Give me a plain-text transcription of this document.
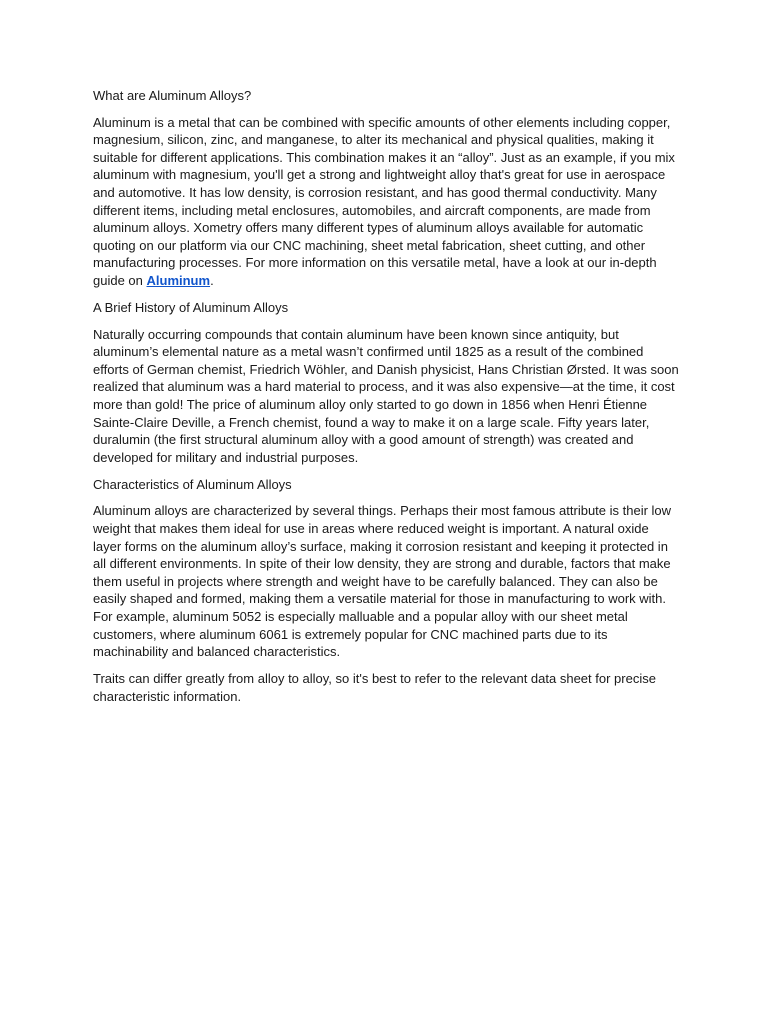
What are Aluminum Alloys?

Aluminum is a metal that can be combined with specific amounts of other elements including copper, magnesium, silicon, zinc, and manganese, to alter its mechanical and physical qualities, making it suitable for different applications. This combination makes it an “alloy”. Just as an example, if you mix aluminum with magnesium, you'll get a strong and lightweight alloy that's great for use in aerospace and automotive. It has low density, is corrosion resistant, and has good thermal conductivity. Many different items, including metal enclosures, automobiles, and aircraft components, are made from aluminum alloys. Xometry offers many different types of aluminum alloys available for automatic quoting on our platform via our CNC machining, sheet metal fabrication, sheet cutting, and other manufacturing processes. For more information on this versatile metal, have a look at our in-depth guide on Aluminum.

A Brief History of Aluminum Alloys

Naturally occurring compounds that contain aluminum have been known since antiquity, but aluminum’s elemental nature as a metal wasn’t confirmed until 1825 as a result of the combined efforts of German chemist, Friedrich Wöhler, and Danish physicist, Hans Christian Ørsted. It was soon realized that aluminum was a hard material to process, and it was also expensive—at the time, it cost more than gold! The price of aluminum alloy only started to go down in 1856 when Henri Étienne Sainte-Claire Deville, a French chemist, found a way to make it on a large scale. Fifty years later, duralumin (the first structural aluminum alloy with a good amount of strength) was created and developed for military and industrial purposes.

Characteristics of Aluminum Alloys

Aluminum alloys are characterized by several things. Perhaps their most famous attribute is their low weight that makes them ideal for use in areas where reduced weight is important. A natural oxide layer forms on the aluminum alloy’s surface, making it corrosion resistant and keeping it protected in all different environments. In spite of their low density, they are strong and durable, factors that make them useful in projects where strength and weight have to be carefully balanced. They can also be easily shaped and formed, making them a versatile material for those in manufacturing to work with. For example, aluminum 5052 is especially malluable and a popular alloy with our sheet metal customers, where aluminum 6061 is extremely popular for CNC machined parts due to its machinability and balanced characteristics.

Traits can differ greatly from alloy to alloy, so it's best to refer to the relevant data sheet for precise characteristic information.
